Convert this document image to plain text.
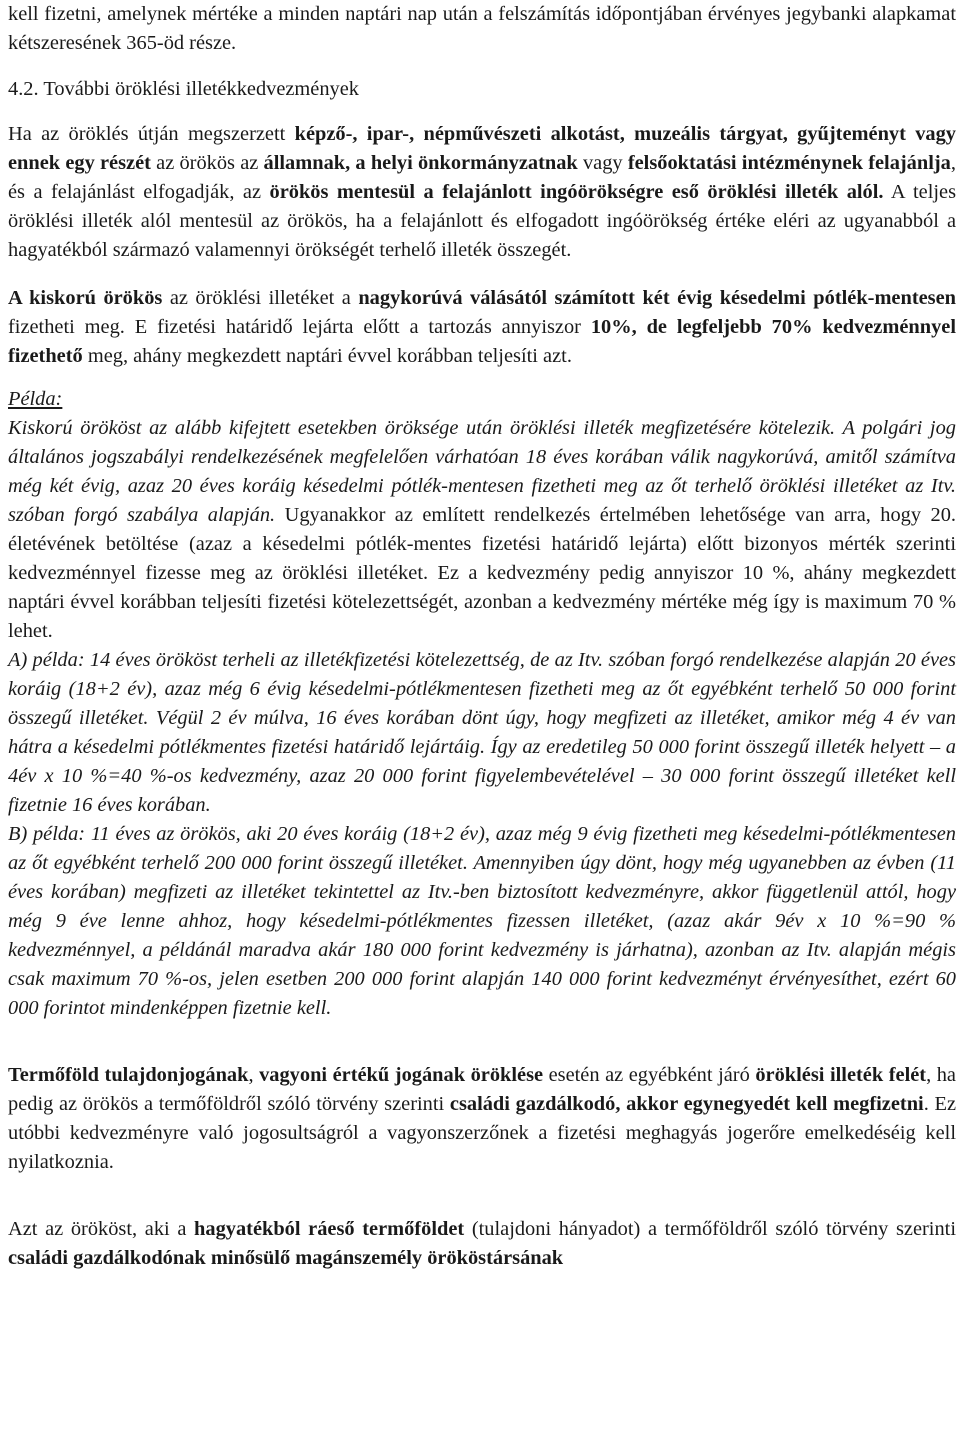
kell fizetni, amelynek mértéke a minden naptári nap után a felszámítás időpontjában érvényes jegybanki alapkamat kétszeresének 365-öd része.

4.2. További öröklési illetékkedvezmények

Ha az öröklés útján megszerzett képző-, ipar-, népművészeti alkotást, muzeális tárgyat, gyűjteményt vagy ennek egy részét az örökös az államnak, a helyi önkormányzatnak vagy felsőoktatási intézménynek felajánlja, és a felajánlást elfogadják, az örökös mentesül a felajánlott ingóörökségre eső öröklési illeték alól. A teljes öröklési illeték alól mentesül az örökös, ha a felajánlott és elfogadott ingóörökség értéke eléri az ugyanabból a hagyatékból származó valamennyi örökségét terhelő illeték összegét.

A kiskorú örökös az öröklési illetéket a nagykorúvá válásától számított két évig késedelmi pótlék-mentesen fizetheti meg. E fizetési határidő lejárta előtt a tartozás annyiszor 10%, de legfeljebb 70% kedvezménnyel fizethető meg, ahány megkezdett naptári évvel korábban teljesíti azt.

Példa:

Kiskorú örököst az alább kifejtett esetekben öröksége után öröklési illeték megfizetésére kötelezik. A polgári jog általános jogszabályi rendelkezésének megfelelően várhatóan 18 éves korában válik nagykorúvá, amitől számítva még két évig, azaz 20 éves koráig késedelmi pótlék-mentesen fizetheti meg az őt terhelő öröklési illetéket az Itv. szóban forgó szabálya alapján. Ugyanakkor az említett rendelkezés értelmében lehetősége van arra, hogy 20. életévének betöltése (azaz a késedelmi pótlék-mentes fizetési határidő lejárta) előtt bizonyos mérték szerinti kedvezménnyel fizesse meg az öröklési illetéket. Ez a kedvezmény pedig annyiszor 10 %, ahány megkezdett naptári évvel korábban teljesíti fizetési kötelezettségét, azonban a kedvezmény mértéke még így is maximum 70 % lehet.

A) példa: 14 éves örököst terheli az illetékfizetési kötelezettség, de az Itv. szóban forgó rendelkezése alapján 20 éves koráig (18+2 év), azaz még 6 évig késedelmi-pótlékmentesen fizetheti meg az őt egyébként terhelő 50 000 forint összegű illetéket. Végül 2 év múlva, 16 éves korában dönt úgy, hogy megfizeti az illetéket, amikor még 4 év van hátra a késedelmi pótlékmentes fizetési határidő lejártáig. Így az eredetileg 50 000 forint összegű illeték helyett – a 4év x 10 %=40 %-os kedvezmény, azaz 20 000 forint figyelembevételével – 30 000 forint összegű illetéket kell fizetnie 16 éves korában.

B) példa: 11 éves az örökös, aki 20 éves koráig (18+2 év), azaz még 9 évig fizetheti meg késedelmi-pótlékmentesen az őt egyébként terhelő 200 000 forint összegű illetéket. Amennyiben úgy dönt, hogy még ugyanebben az évben (11 éves korában) megfizeti az illetéket tekintettel az Itv.-ben biztosított kedvezményre, akkor függetlenül attól, hogy még 9 éve lenne ahhoz, hogy késedelmi-pótlékmentes fizessen illetéket, (azaz akár 9év x 10 %=90 % kedvezménnyel, a példánál maradva akár 180 000 forint kedvezmény is járhatna), azonban az Itv. alapján mégis csak maximum 70 %-os, jelen esetben 200 000 forint alapján 140 000 forint kedvezményt érvényesíthet, ezért 60 000 forintot mindenképpen fizetnie kell.

Termőföld tulajdonjogának, vagyoni értékű jogának öröklése esetén az egyébként járó öröklési illeték felét, ha pedig az örökös a termőföldről szóló törvény szerinti családi gazdálkodó, akkor egynegyedét kell megfizetni. Ez utóbbi kedvezményre való jogosultságról a vagyonszerzőnek a fizetési meghagyás jogerőre emelkedéséig kell nyilatkoznia.

Azt az örököst, aki a hagyatékból ráeső termőföldet (tulajdoni hányadot) a termőföldről szóló törvény szerinti családi gazdálkodónak minősülő magánszemély örököstársának
